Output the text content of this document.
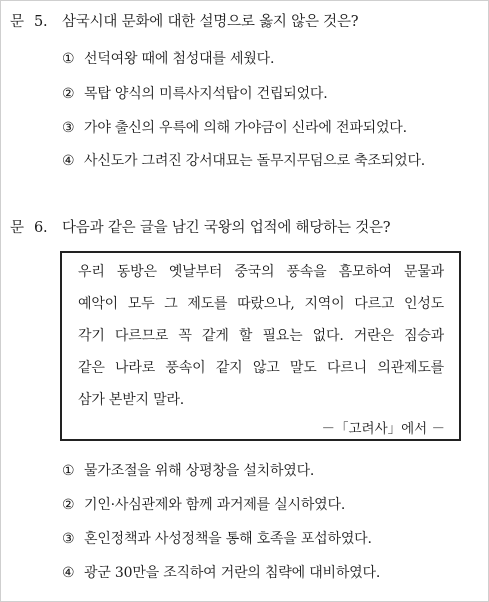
문 5. 삼국시대 문화에 대한 설명으로 옳지 않은 것은?
① 선덕여왕 때에 첨성대를 세웠다.
② 목탑 양식의 미륵사지석탑이 건립되었다.
③ 가야 출신의 우륵에 의해 가야금이 신라에 전파되었다.
④ 사신도가 그려진 강서대묘는 돌무지무덤으로 축조되었다.
문 6. 다음과 같은 글을 남긴 국왕의 업적에 해당하는 것은?
우리 동방은 옛날부터 중국의 풍속을 흠모하여 문물과
예악이 모두 그 제도를 따랐으나, 지역이 다르고 인성도
각기 다르므로 꼭 같게 할 필요는 없다. 거란은 짐승과
같은 나라로 풍속이 같지 않고 말도 다르니 의관제도를
삼가 본받지 말라.
－「고려사」에서 －
① 물가조절을 위해 상평창을 설치하였다.
② 기인·사심관제와 함께 과거제를 실시하였다.
③ 혼인정책과 사성정책을 통해 호족을 포섭하였다.
④ 광군 30만을 조직하여 거란의 침략에 대비하였다.
